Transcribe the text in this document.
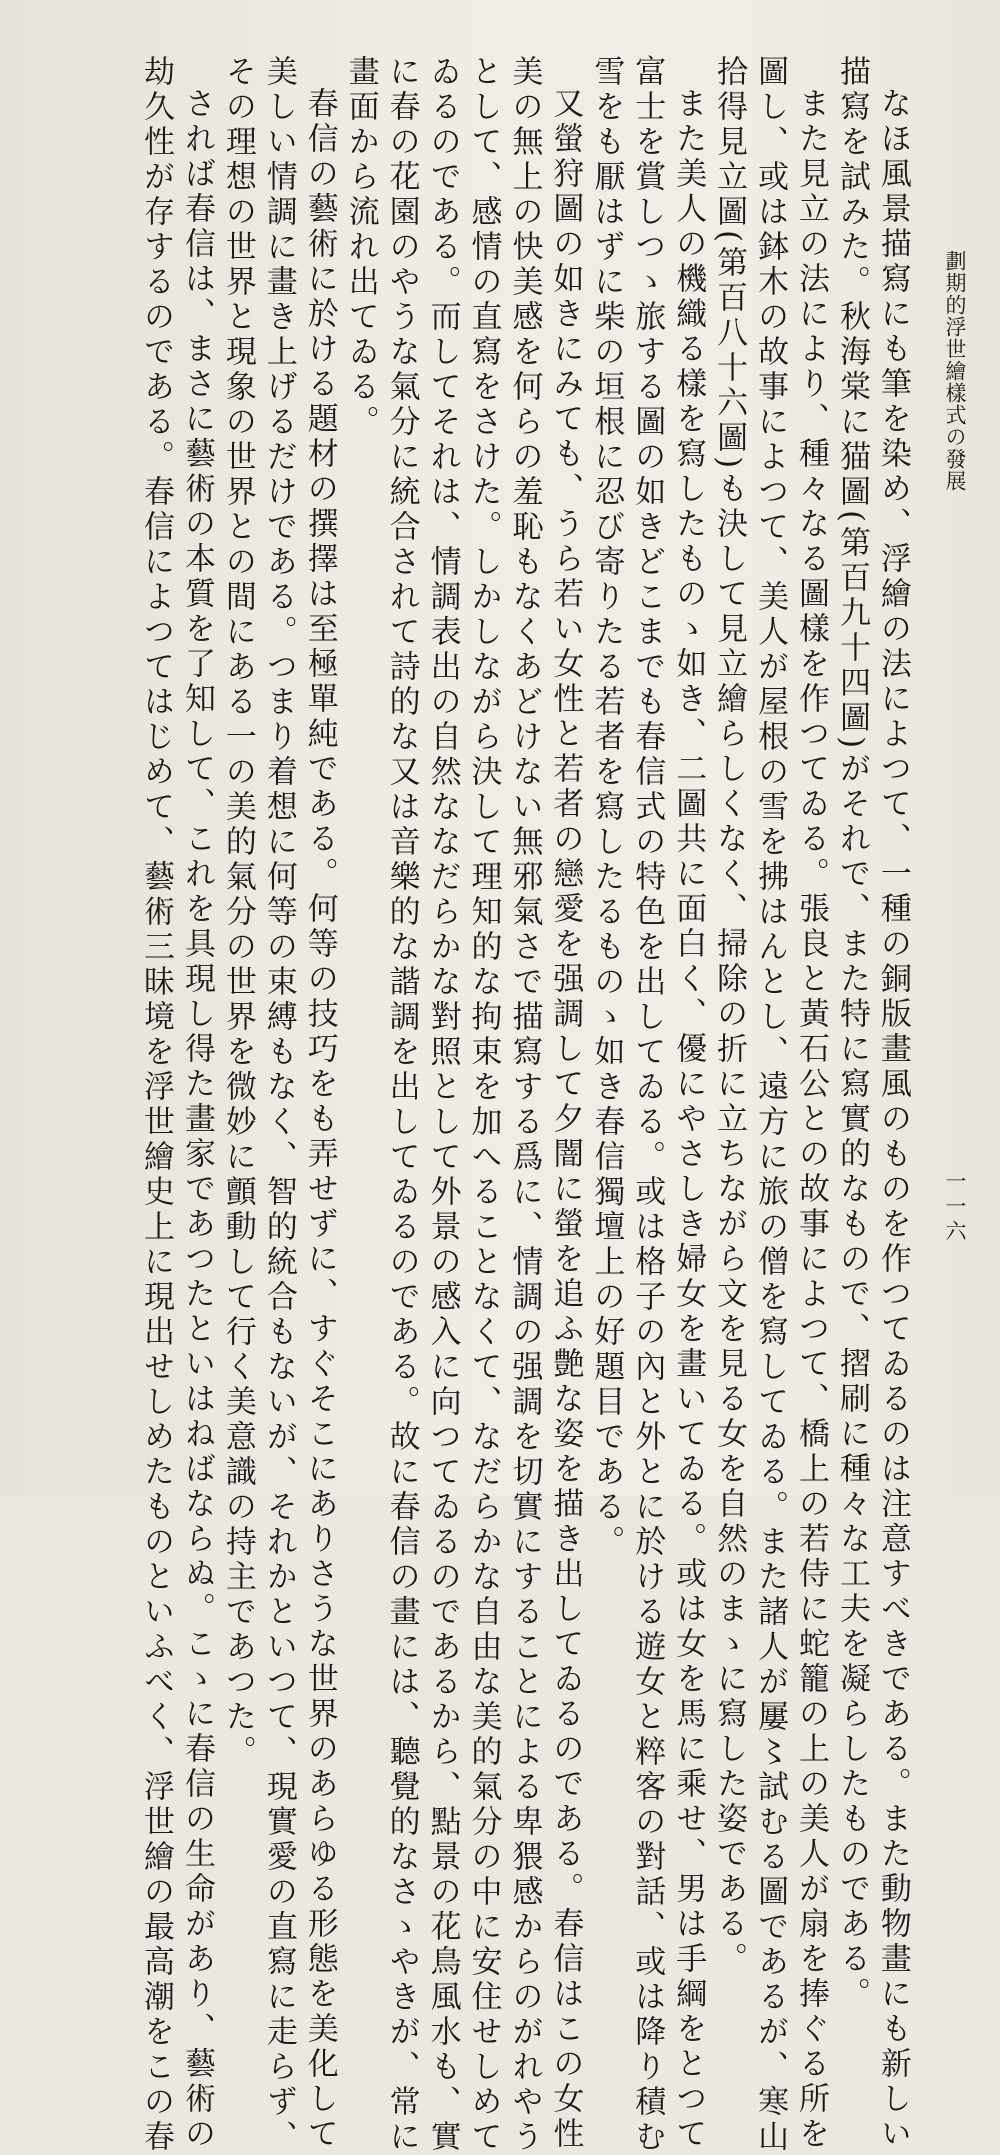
劃期的浮世繪樣式の發展
一一六
なほ風景描寫にも筆を染め、浮繪の法によつて、一種の銅版畫風のものを作つてゐるのは注意すべきである。また動物畫にも新しい
描寫を試みた。秋海棠に猫圖(第百九十四圖)がそれで、また特に寫實的なもので、摺刷に種々な工夫を凝らしたものである。
また見立の法により、種々なる圖樣を作つてゐる。張良と黃石公との故事によつて、橋上の若侍に蛇籠の上の美人が扇を捧ぐる所を
圖し、或は鉢木の故事によつて、美人が屋根の雪を拂はんとし、遠方に旅の僧を寫してゐる。また諸人が屢〻試むる圖であるが、寒山
拾得見立圖(第百八十六圖)も決して見立繪らしくなく、掃除の折に立ちながら文を見る女を自然のまゝに寫した姿である。
また美人の機織る樣を寫したものゝ如き、二圖共に面白く、優にやさしき婦女を畫いてゐる。或は女を馬に乘せ、男は手綱をとつて
富士を賞しつゝ旅する圖の如きどこまでも春信式の特色を出してゐる。或は格子の內と外とに於ける遊女と粹客の對話、或は降り積む
雪をも厭はずに柴の垣根に忍び寄りたる若者を寫したるものゝ如き春信獨壇上の好題目である。
又螢狩圖の如きにみても、うら若い女性と若者の戀愛を强調して夕闇に螢を追ふ艶な姿を描き出してゐるのである。春信はこの女性
美の無上の快美感を何らの羞恥もなくあどけない無邪氣さで描寫する爲に、情調の强調を切實にすることによる卑猥感からのがれやう
として、感情の直寫をさけた。しかしながら決して理知的な拘束を加へることなくて、なだらかな自由な美的氣分の中に安住せしめて
ゐるのである。而してそれは、情調表出の自然ななだらかな對照として外景の感入に向つてゐるのであるから、點景の花鳥風水も、實
に春の花園のやうな氣分に統合されて詩的な又は音樂的な諧調を出してゐるのである。故に春信の畫には、聽覺的なさゝやきが、常に
畫面から流れ出てゐる。
春信の藝術に於ける題材の撰擇は至極單純である。何等の技巧をも弄せずに、すぐそこにありさうな世界のあらゆる形態を美化して
美しい情調に畫き上げるだけである。つまり着想に何等の束縛もなく、智的統合もないが、それかといつて、現實愛の直寫に走らず、
その理想の世界と現象の世界との間にある一の美的氣分の世界を微妙に顫動して行く美意識の持主であつた。
されば春信は、まさに藝術の本質を了知して、これを具現し得た畫家であつたといはねばならぬ。こゝに春信の生命があり、藝術の
劫久性が存するのである。春信によつてはじめて、藝術三昧境を浮世繪史上に現出せしめたものといふべく、浮世繪の最高潮をこの春
